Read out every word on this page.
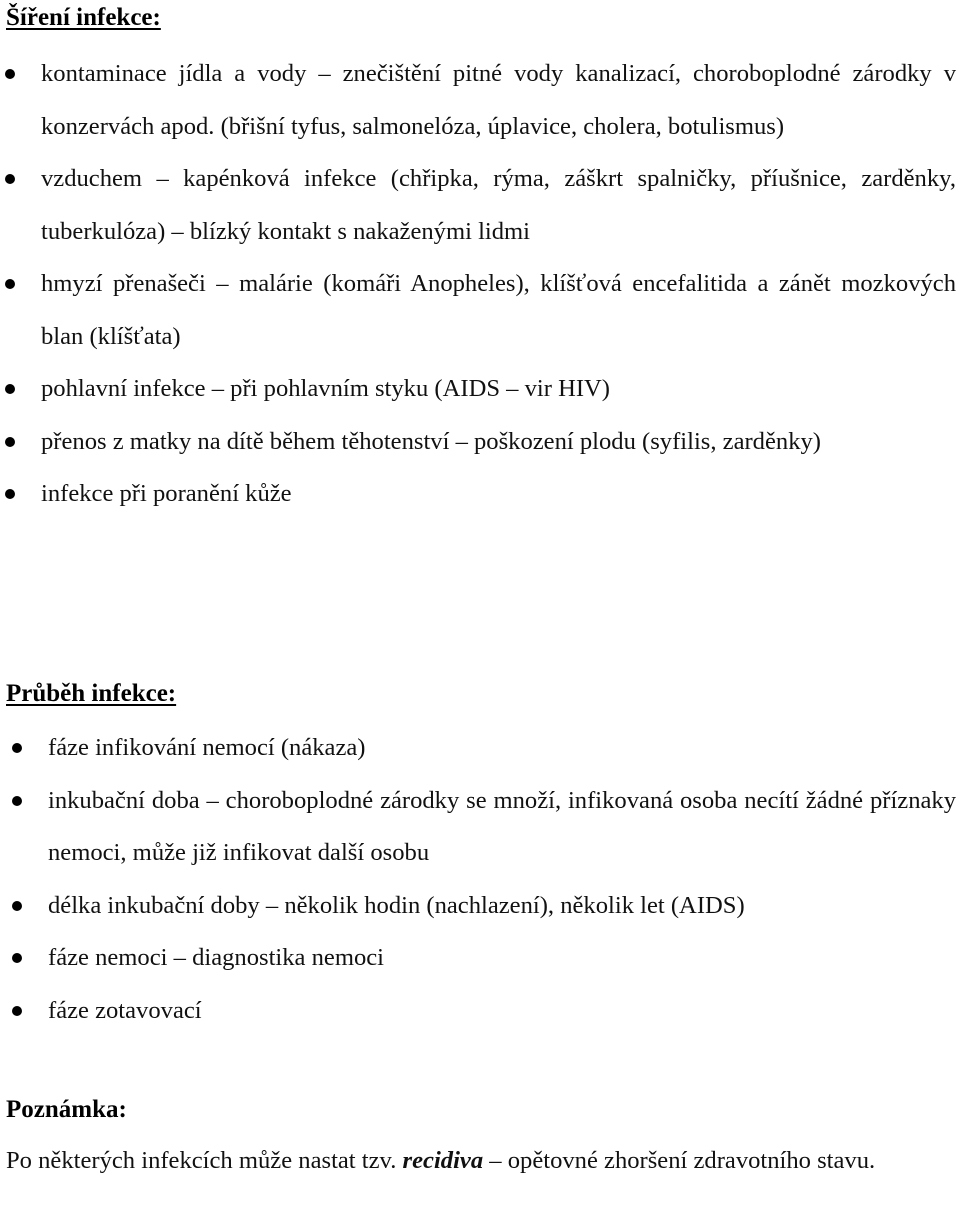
Šíření infekce:
kontaminace jídla a vody – znečištění pitné vody kanalizací, choroboplodné zárodky v konzervách apod. (břišní tyfus, salmonelóza, úplavice, cholera, botulismus)
vzduchem – kapénková infekce (chřipka, rýma, záškrt spalničky, příušnice, zarděnky, tuberkulóza) – blízký kontakt s nakaženými lidmi
hmyzí přenašeči – malárie (komáři Anopheles), klíšťová encefalitida a zánět mozkových blan (klíšťata)
pohlavní infekce – při pohlavním styku (AIDS – vir HIV)
přenos z matky na dítě během těhotenství – poškození plodu (syfilis, zarděnky)
infekce při poranění kůže
Průběh infekce:
fáze infikování nemocí (nákaza)
inkubační doba – choroboplodné zárodky se množí, infikovaná osoba necítí žádné příznaky nemoci, může již infikovat další osobu
délka inkubační doby – několik hodin (nachlazení), několik let (AIDS)
fáze nemoci – diagnostika nemoci
fáze zotavovací
Poznámka:

Po některých infekcích může nastat tzv. recidiva – opětovné zhoršení zdravotního stavu.
